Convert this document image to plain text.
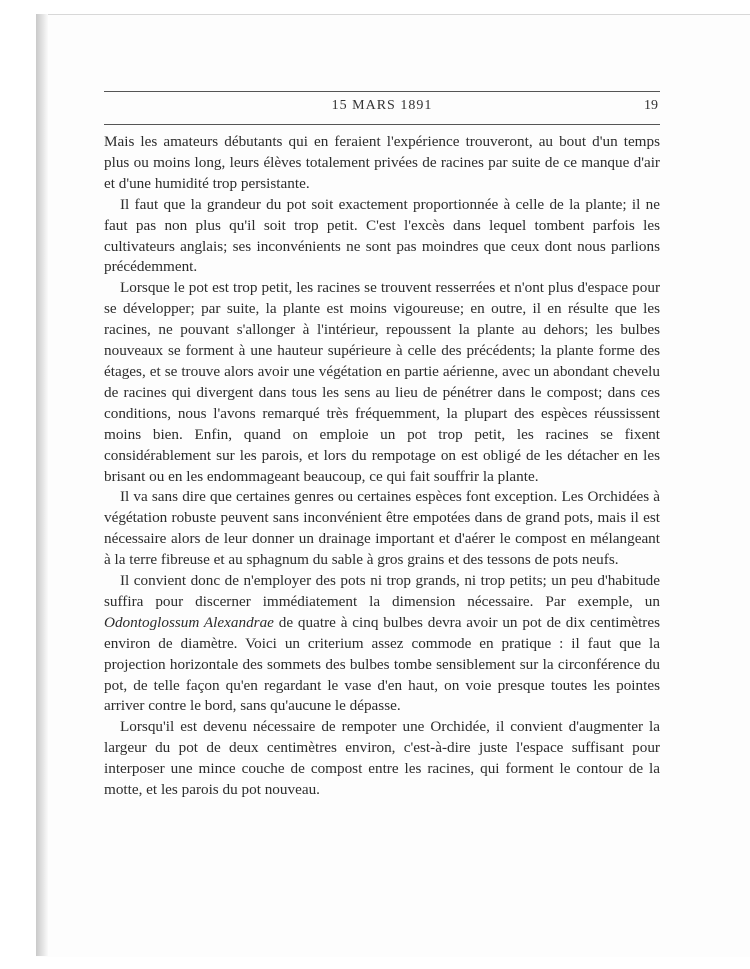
15 MARS 1891	19

Mais les amateurs débutants qui en feraient l'expérience trouveront, au bout d'un temps plus ou moins long, leurs élèves totalement privées de racines par suite de ce manque d'air et d'une humidité trop persistante.

Il faut que la grandeur du pot soit exactement proportionnée à celle de la plante; il ne faut pas non plus qu'il soit trop petit. C'est l'excès dans lequel tombent parfois les cultivateurs anglais; ses inconvénients ne sont pas moindres que ceux dont nous parlions précédemment.

Lorsque le pot est trop petit, les racines se trouvent resserrées et n'ont plus d'espace pour se développer; par suite, la plante est moins vigoureuse; en outre, il en résulte que les racines, ne pouvant s'allonger à l'intérieur, repoussent la plante au dehors; les bulbes nouveaux se forment à une hauteur supérieure à celle des précédents; la plante forme des étages, et se trouve alors avoir une végétation en partie aérienne, avec un abondant chevelu de racines qui divergent dans tous les sens au lieu de pénétrer dans le compost; dans ces conditions, nous l'avons remarqué très fréquemment, la plupart des espèces réussissent moins bien. Enfin, quand on emploie un pot trop petit, les racines se fixent considérablement sur les parois, et lors du rempotage on est obligé de les détacher en les brisant ou en les endommageant beaucoup, ce qui fait souffrir la plante.

Il va sans dire que certaines genres ou certaines espèces font exception. Les Orchidées à végétation robuste peuvent sans inconvénient être empotées dans de grand pots, mais il est nécessaire alors de leur donner un drainage important et d'aérer le compost en mélangeant à la terre fibreuse et au sphagnum du sable à gros grains et des tessons de pots neufs.

Il convient donc de n'employer des pots ni trop grands, ni trop petits; un peu d'habitude suffira pour discerner immédiatement la dimension nécessaire. Par exemple, un Odontoglossum Alexandrae de quatre à cinq bulbes devra avoir un pot de dix centimètres environ de diamètre. Voici un criterium assez commode en pratique : il faut que la projection horizontale des sommets des bulbes tombe sensiblement sur la circonférence du pot, de telle façon qu'en regardant le vase d'en haut, on voie presque toutes les pointes arriver contre le bord, sans qu'aucune le dépasse.

Lorsqu'il est devenu nécessaire de rempoter une Orchidée, il convient d'augmenter la largeur du pot de deux centimètres environ, c'est-à-dire juste l'espace suffisant pour interposer une mince couche de compost entre les racines, qui forment le contour de la motte, et les parois du pot nouveau.
